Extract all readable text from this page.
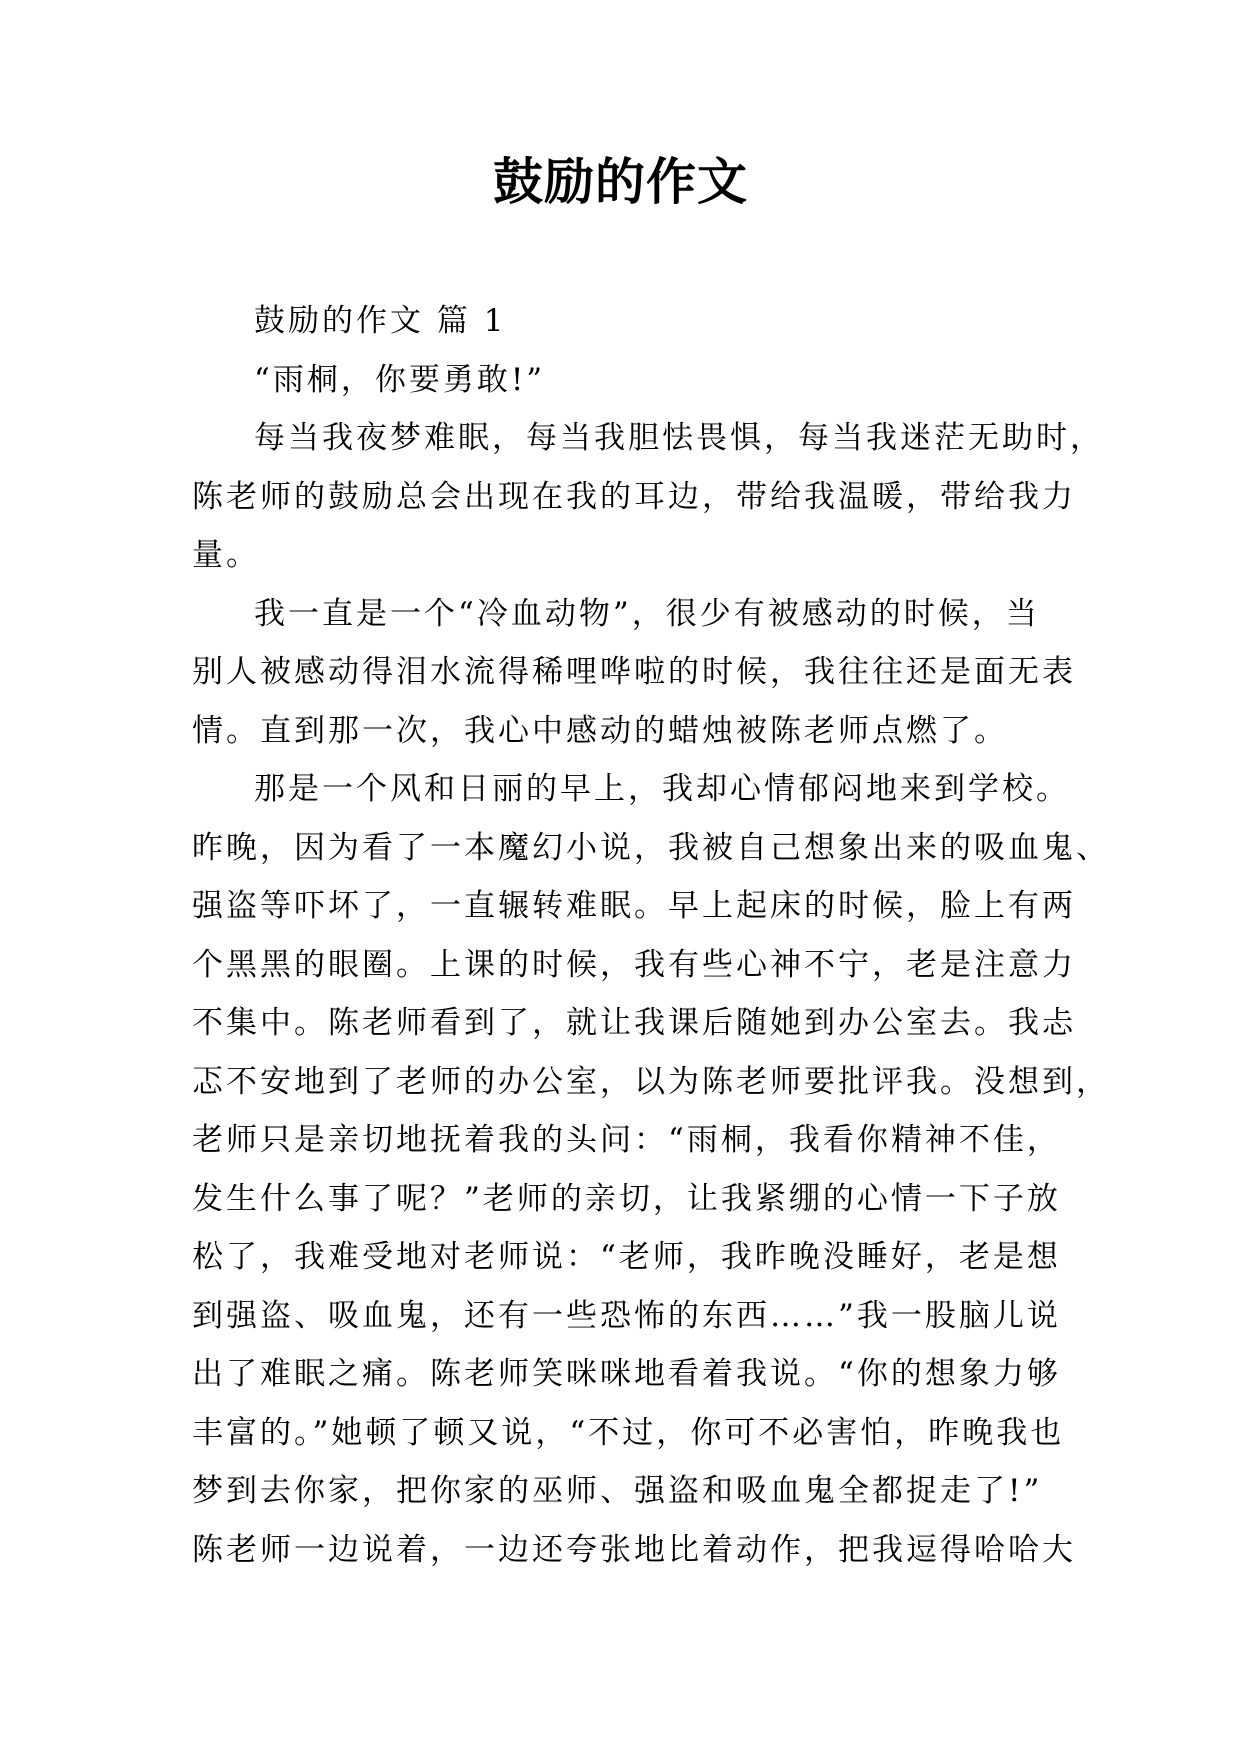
鼓励的作文
鼓励的作文 篇 1
“雨桐，你要勇敢!”
每当我夜梦难眠，每当我胆怯畏惧，每当我迷茫无助时，
陈老师的鼓励总会出现在我的耳边，带给我温暖，带给我力
量。
我一直是一个“冷血动物”，很少有被感动的时候，当
别人被感动得泪水流得稀哩哗啦的时候，我往往还是面无表
情。直到那一次，我心中感动的蜡烛被陈老师点燃了。
那是一个风和日丽的早上，我却心情郁闷地来到学校。
昨晚，因为看了一本魔幻小说，我被自己想象出来的吸血鬼、
强盗等吓坏了，一直辗转难眠。早上起床的时候，脸上有两
个黑黑的眼圈。上课的时候，我有些心神不宁，老是注意力
不集中。陈老师看到了，就让我课后随她到办公室去。我忐
忑不安地到了老师的办公室，以为陈老师要批评我。没想到，
老师只是亲切地抚着我的头问：“雨桐，我看你精神不佳，
发生什么事了呢？”老师的亲切，让我紧绷的心情一下子放
松了，我难受地对老师说：“老师，我昨晚没睡好，老是想
到强盗、吸血鬼，还有一些恐怖的东西……”我一股脑儿说
出了难眠之痛。陈老师笑咪咪地看着我说。“你的想象力够
丰富的。”她顿了顿又说，“不过，你可不必害怕，昨晚我也
梦到去你家，把你家的巫师、强盗和吸血鬼全都捉走了!”
陈老师一边说着，一边还夸张地比着动作，把我逗得哈哈大
